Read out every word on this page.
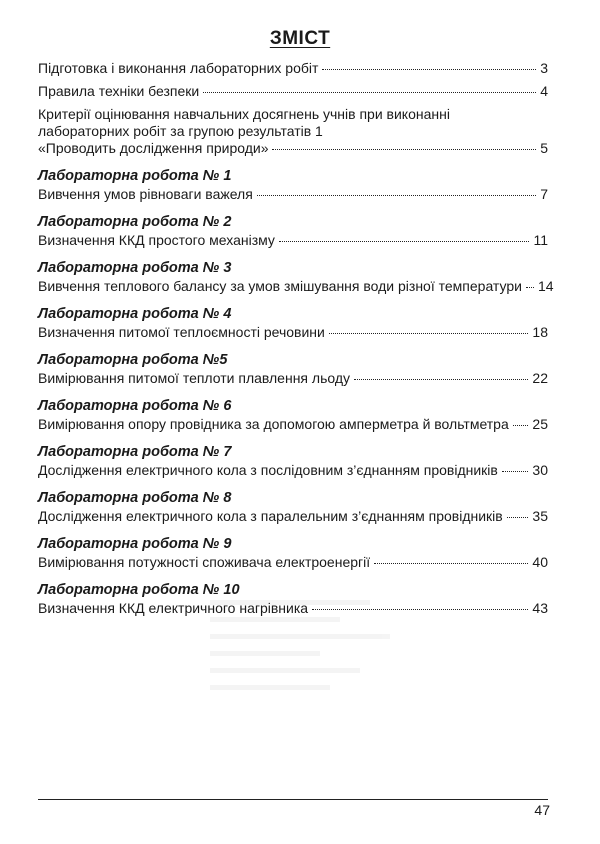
ЗМІСТ
Підготовка і виконання лабораторних робіт	3
Правила техніки безпеки	4
Критерії оцінювання навчальних досягнень учнів при виконанні
лабораторних робіт за групою результатів 1
«Проводить дослідження природи»	5
Лабораторна робота № 1
Вивчення умов рівноваги важеля	7
Лабораторна робота № 2
Визначення ККД простого механізму	11
Лабораторна робота № 3
Вивчення теплового балансу за умов змішування води різної температури 14
Лабораторна робота № 4
Визначення питомої теплоємності речовини	18
Лабораторна робота №5
Вимірювання питомої теплоти плавлення льоду	22
Лабораторна робота № 6
Вимірювання опору провідника за допомогою амперметра й вольтметра 25
Лабораторна робота № 7
Дослідження електричного кола з послідовним з’єднанням провідників 30
Лабораторна робота № 8
Дослідження електричного кола з паралельним з’єднанням провідників 35
Лабораторна робота № 9
Вимірювання потужності споживача електроенергії	40
Лабораторна робота № 10
Визначення ККД електричного нагрівника	43
47
